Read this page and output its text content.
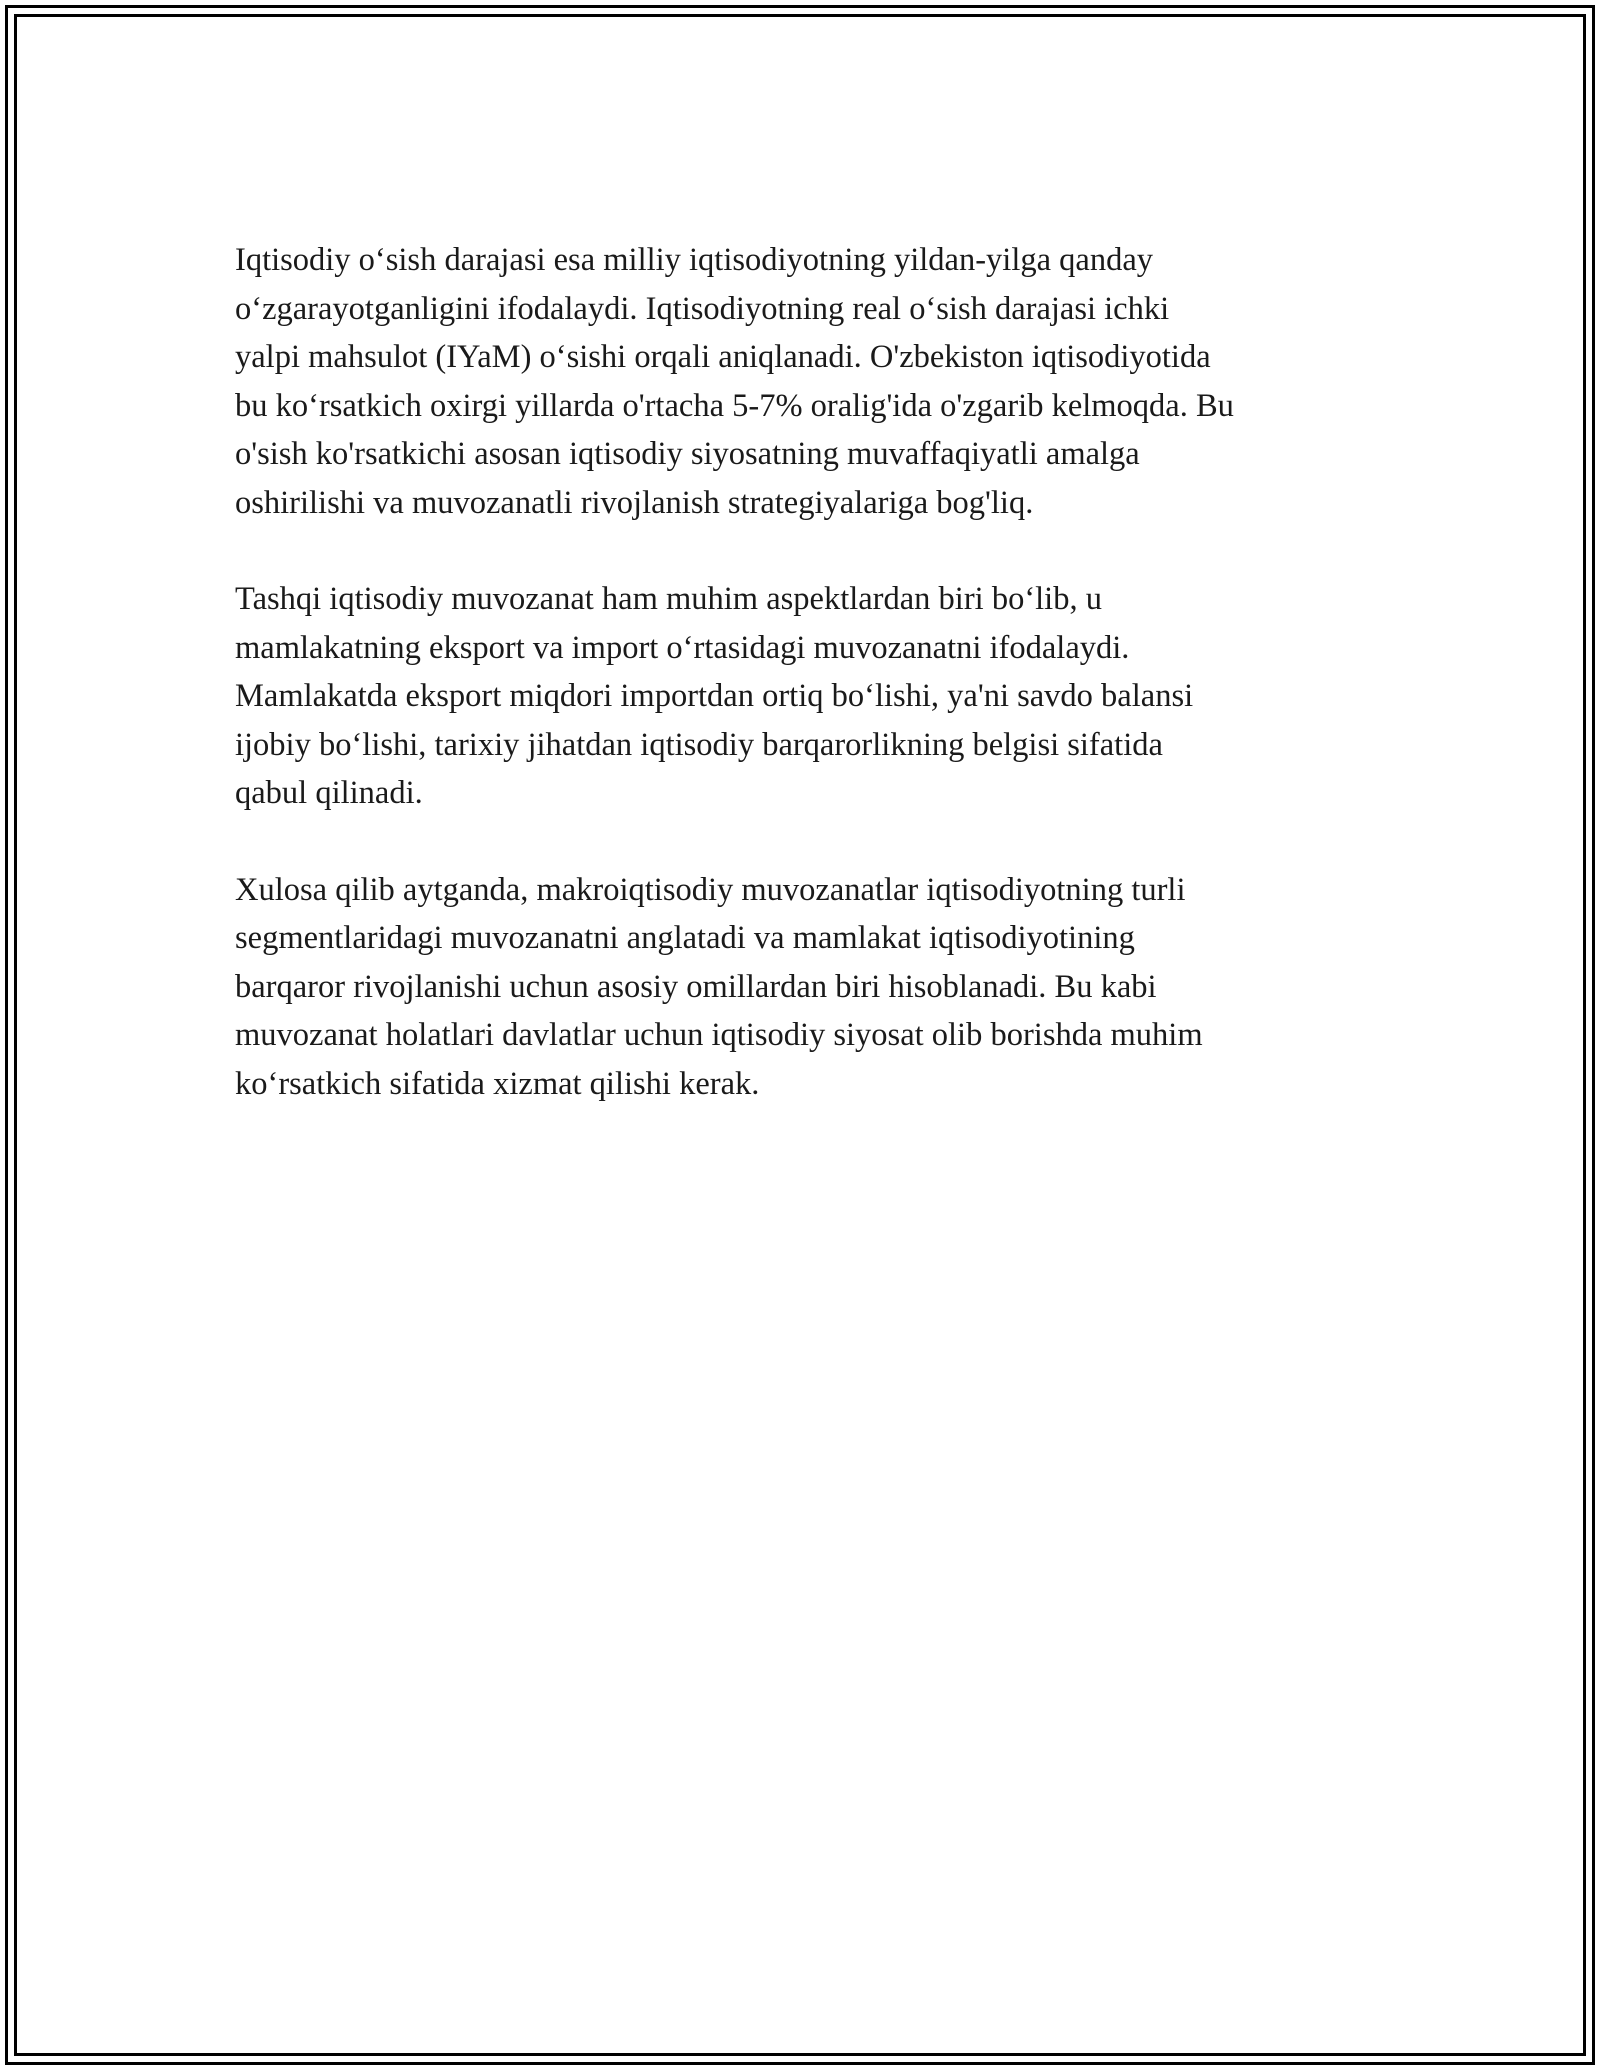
Iqtisodiy o‘sish darajasi esa milliy iqtisodiyotning yildan-yilga qanday
o‘zgarayotganligini ifodalaydi. Iqtisodiyotning real o‘sish darajasi ichki
yalpi mahsulot (IYaM) o‘sishi orqali aniqlanadi. O'zbekiston iqtisodiyotida
bu ko‘rsatkich oxirgi yillarda o'rtacha 5-7% oralig'ida o'zgarib kelmoqda. Bu
o'sish ko'rsatkichi asosan iqtisodiy siyosatning muvaffaqiyatli amalga
oshirilishi va muvozanatli rivojlanish strategiyalariga bog'liq.

Tashqi iqtisodiy muvozanat ham muhim aspektlardan biri bo‘lib, u
mamlakatning eksport va import o‘rtasidagi muvozanatni ifodalaydi.
Mamlakatda eksport miqdori importdan ortiq bo‘lishi, ya'ni savdo balansi
ijobiy bo‘lishi, tarixiy jihatdan iqtisodiy barqarorlikning belgisi sifatida
qabul qilinadi.

Xulosa qilib aytganda, makroiqtisodiy muvozanatlar iqtisodiyotning turli
segmentlaridagi muvozanatni anglatadi va mamlakat iqtisodiyotining
barqaror rivojlanishi uchun asosiy omillardan biri hisoblanadi. Bu kabi
muvozanat holatlari davlatlar uchun iqtisodiy siyosat olib borishda muhim
ko‘rsatkich sifatida xizmat qilishi kerak.
